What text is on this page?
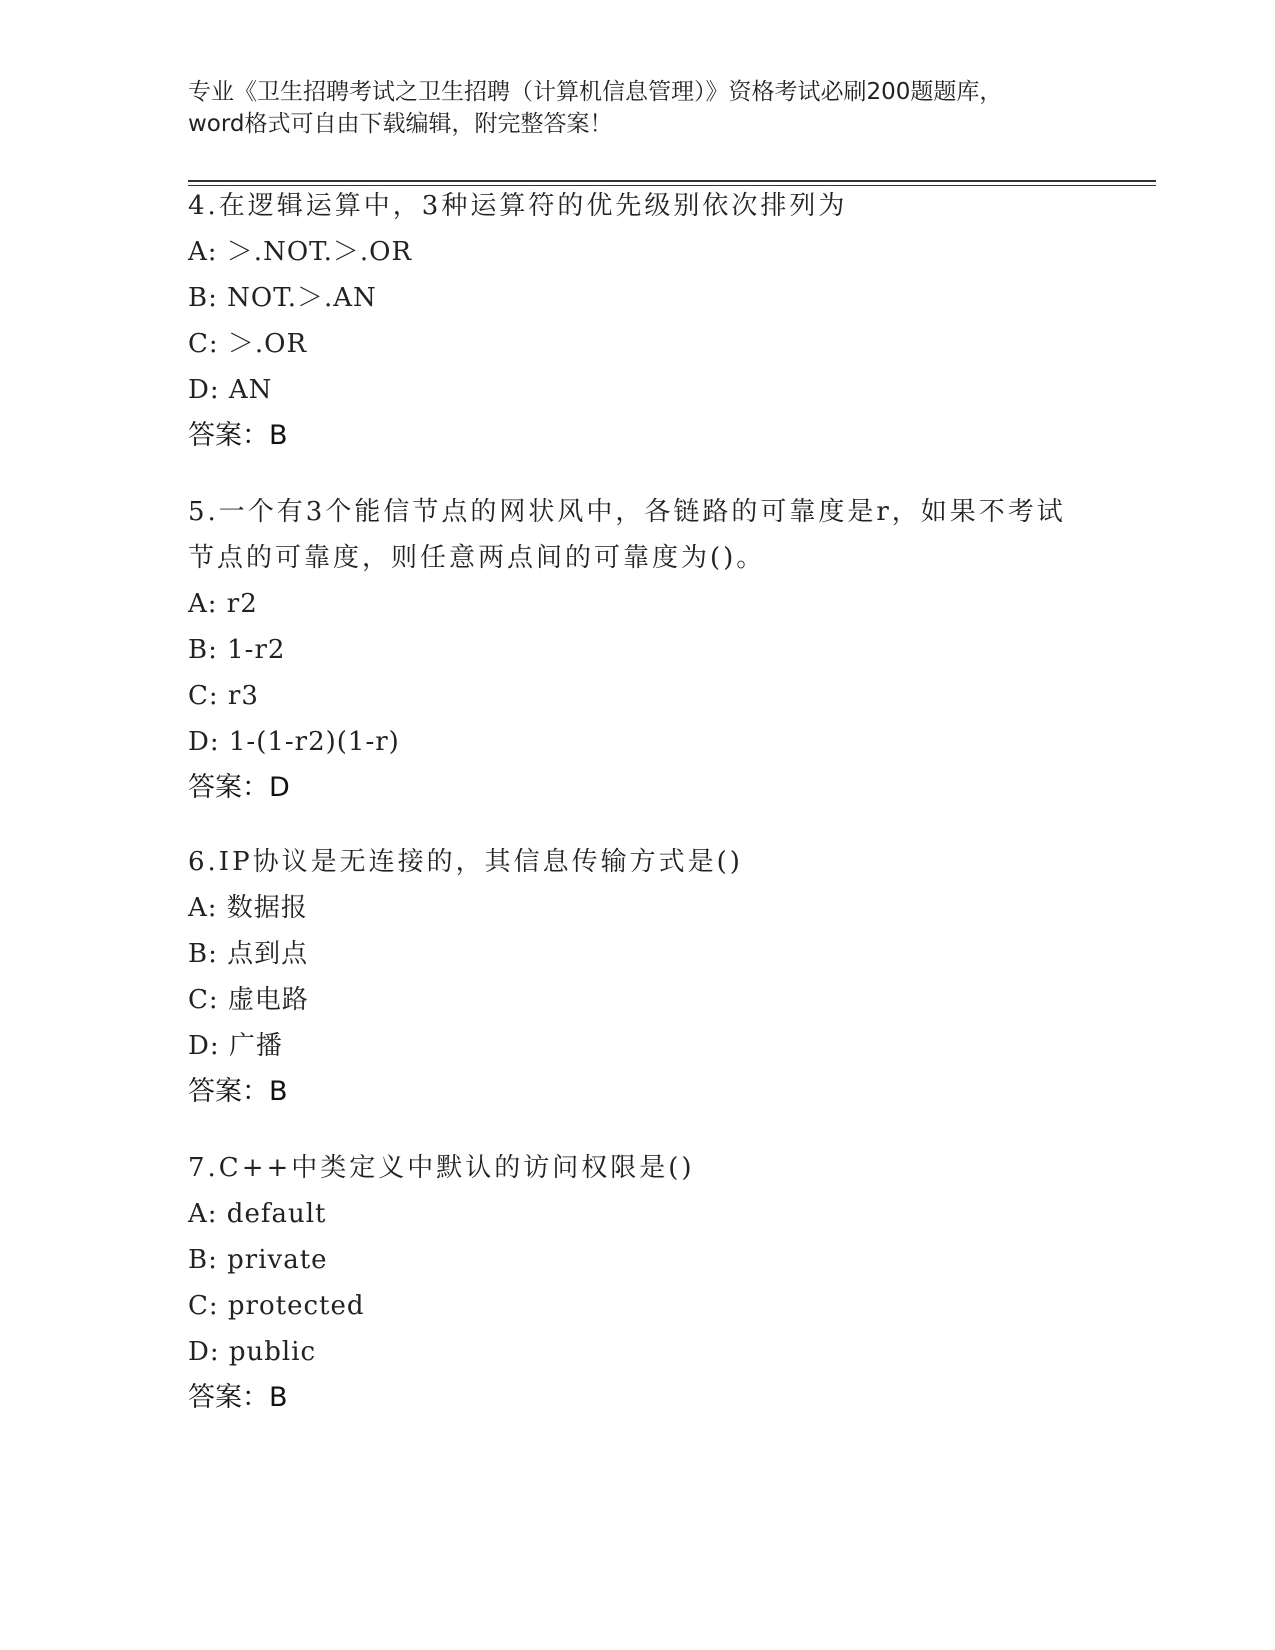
专业《卫生招聘考试之卫生招聘（计算机信息管理）》资格考试必刷200题题库，
word格式可自由下载编辑，附完整答案！
4.在逻辑运算中，3种运算符的优先级别依次排列为
A: ＞.NOT.＞.OR
B: NOT.＞.AN
C: ＞.OR
D: AN
答案：B
5.一个有3个能信节点的网状风中，各链路的可靠度是r，如果不考试
节点的可靠度，则任意两点间的可靠度为()。
A: r2
B: 1-r2
C: r3
D: 1-(1-r2)(1-r)
答案：D
6.IP协议是无连接的，其信息传输方式是()
A: 数据报
B: 点到点
C: 虚电路
D: 广播
答案：B
7.C++中类定义中默认的访问权限是()
A: default
B: private
C: protected
D: public
答案：B
